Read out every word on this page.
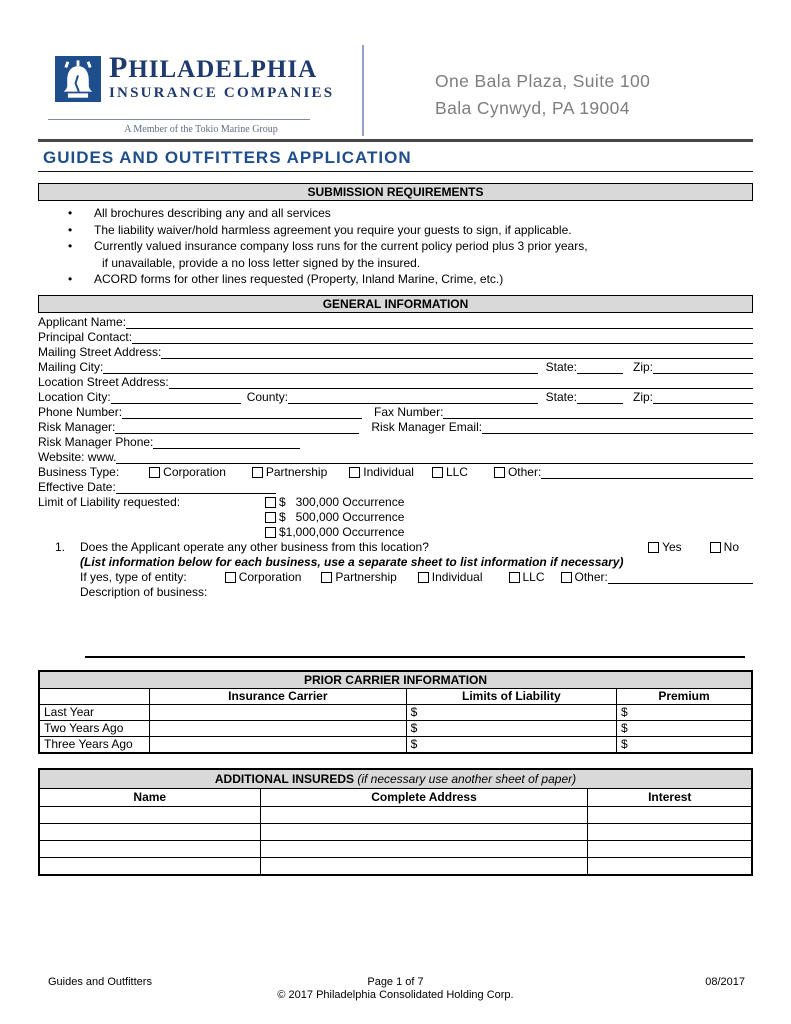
PHILADELPHIA
INSURANCE COMPANIES
A Member of the Tokio Marine Group
One Bala Plaza, Suite 100
Bala Cynwyd, PA 19004
GUIDES AND OUTFITTERS APPLICATION
SUBMISSION REQUIREMENTS
•	All brochures describing any and all services
•	The liability waiver/hold harmless agreement you require your guests to sign, if applicable.
•	Currently valued insurance company loss runs for the current policy period plus 3 prior years,
if unavailable, provide a no loss letter signed by the insured.
•	ACORD forms for other lines requested (Property, Inland Marine, Crime, etc.)
GENERAL INFORMATION
Applicant Name:
Principal Contact:
Mailing Street Address:
Mailing City:	State:	Zip:
Location Street Address:
Location City:	County:	State:	Zip:
Phone Number:	Fax Number:
Risk Manager:	Risk Manager Email:
Risk Manager Phone:
Website: www.
Business Type:	Corporation	Partnership	Individual	LLC	Other:
Effective Date:
Limit of Liability requested:	$   300,000 Occurrence
$   500,000 Occurrence
$1,000,000 Occurrence
1.	Does the Applicant operate any other business from this location?	Yes	No
(List information below for each business, use a separate sheet to list information if necessary)
If yes, type of entity:	Corporation	Partnership	Individual	LLC	Other:
Description of business:
PRIOR CARRIER INFORMATION			
	Insurance Carrier	Limits of Liability	Premium
Last Year		$	$
Two Years Ago		$	$
Three Years Ago		$	$
ADDITIONAL INSUREDS (if necessary use another sheet of paper)		
Name	Complete Address	Interest

Guides and Outfitters	Page 1 of 7
© 2017 Philadelphia Consolidated Holding Corp.
08/2017
